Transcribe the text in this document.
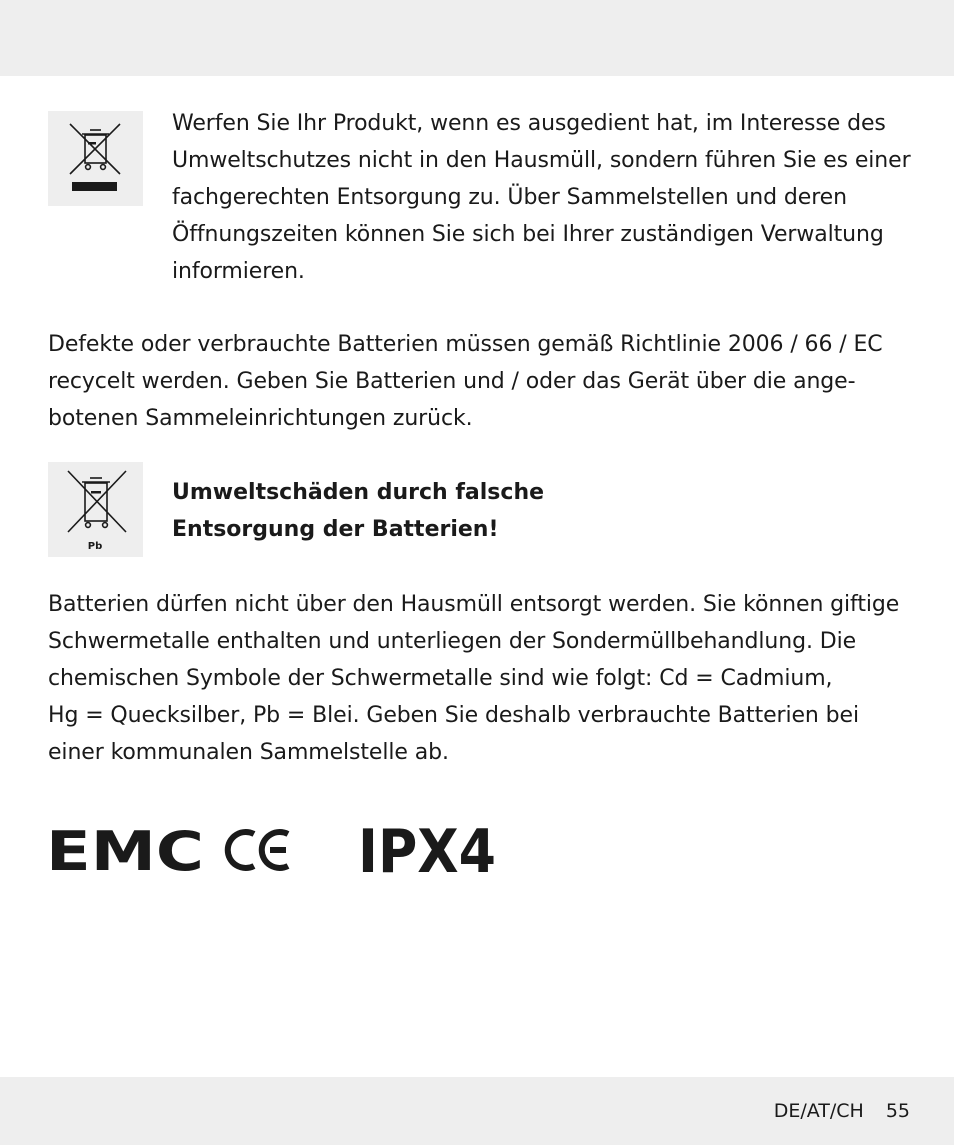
Werfen Sie Ihr Produkt, wenn es ausgedient hat, im Interesse des
Umweltschutzes nicht in den Hausmüll, sondern führen Sie es einer
fachgerechten Entsorgung zu. Über Sammelstellen und deren
Öffnungszeiten können Sie sich bei Ihrer zuständigen Verwaltung
informieren.

Defekte oder verbrauchte Batterien müssen gemäß Richtlinie 2006 / 66 / EC
recycelt werden. Geben Sie Batterien und / oder das Gerät über die ange-
botenen Sammeleinrichtungen zurück.

Pb

Umweltschäden durch falsche
Entsorgung der Batterien!

Batterien dürfen nicht über den Hausmüll entsorgt werden. Sie können giftige
Schwermetalle enthalten und unterliegen der Sondermüllbehandlung. Die
chemischen Symbole der Schwermetalle sind wie folgt: Cd = Cadmium,
Hg = Quecksilber, Pb = Blei. Geben Sie deshalb verbrauchte Batterien bei
einer kommunalen Sammelstelle ab.

EMC	IPX4
DE/AT/CH 55
